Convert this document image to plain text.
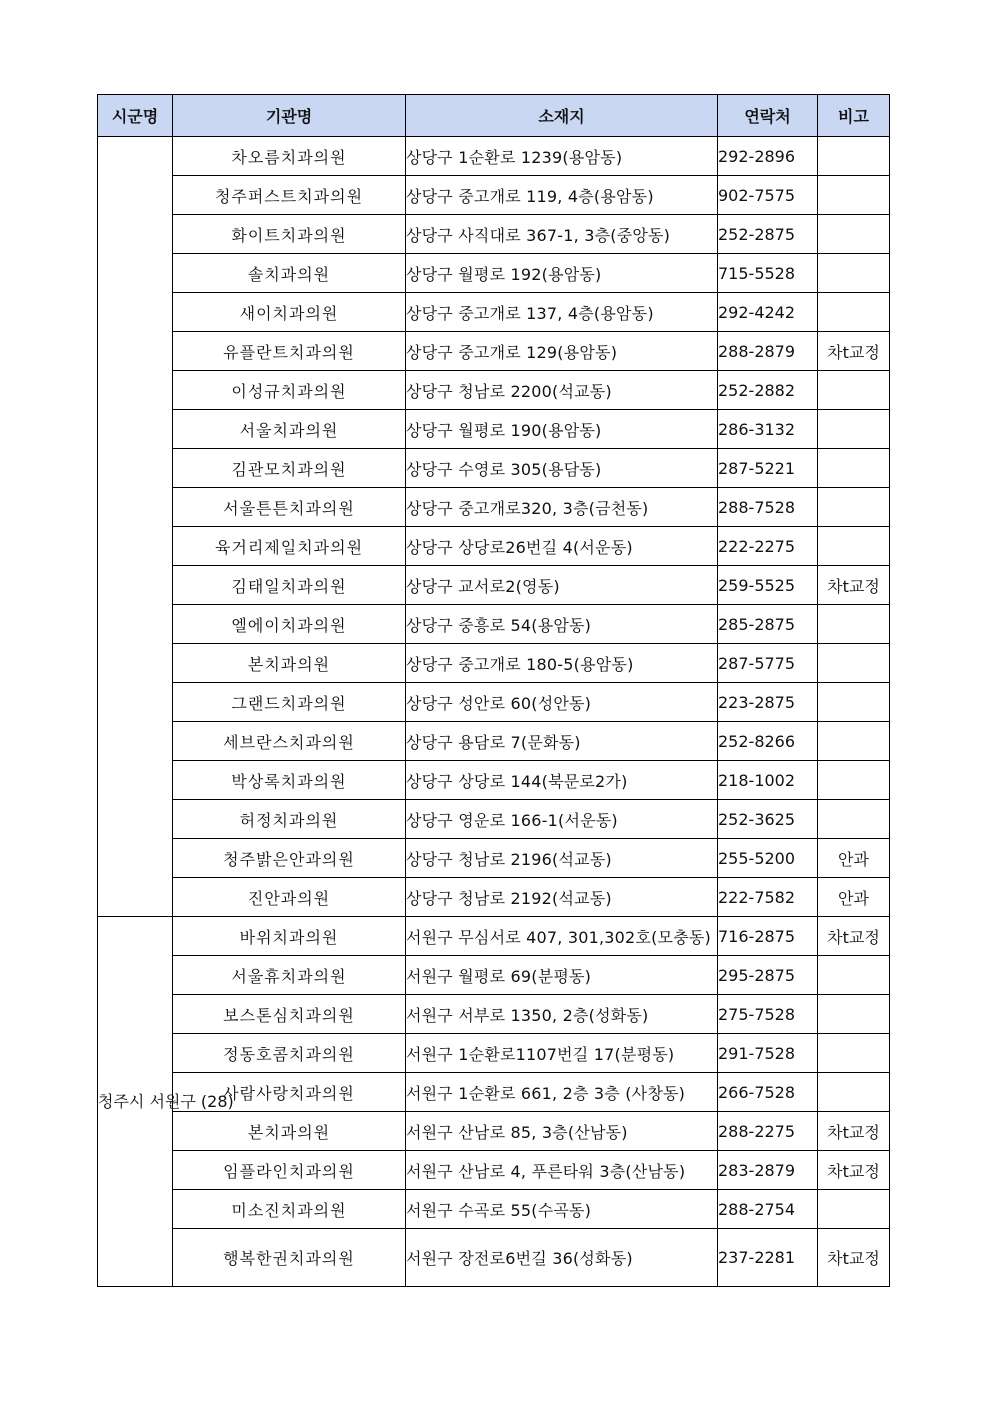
시군명	기관명	소재지	연락처	비고
	차오름치과의원	상당구 1순환로 1239(용암동)	292-2896	
	청주퍼스트치과의원	상당구 중고개로 119, 4층(용암동)	902-7575	
	화이트치과의원	상당구 사직대로 367-1, 3층(중앙동)	252-2875	
	솔치과의원	상당구 월평로 192(용암동)	715-5528	
	새이치과의원	상당구 중고개로 137, 4층(용암동)	292-4242	
	유플란트치과의원	상당구 중고개로 129(용암동)	288-2879	차t교정
	이성규치과의원	상당구 청남로 2200(석교동)	252-2882	
	서울치과의원	상당구 월평로 190(용암동)	286-3132	
	김관모치과의원	상당구 수영로 305(용담동)	287-5221	
	서울튼튼치과의원	상당구 중고개로320, 3층(금천동)	288-7528	
	육거리제일치과의원	상당구 상당로26번길 4(서운동)	222-2275	
	김태일치과의원	상당구 교서로2(영동)	259-5525	차t교정
	엘에이치과의원	상당구 중흥로 54(용암동)	285-2875	
	본치과의원	상당구 중고개로 180-5(용암동)	287-5775	
	그랜드치과의원	상당구 성안로 60(성안동)	223-2875	
	세브란스치과의원	상당구 용담로 7(문화동)	252-8266	
	박상록치과의원	상당구 상당로 144(북문로2가)	218-1002	
	허정치과의원	상당구 영운로 166-1(서운동)	252-3625	
	청주밝은안과의원	상당구 청남로 2196(석교동)	255-5200	안과
	진안과의원	상당구 청남로 2192(석교동)	222-7582	안과
청주시 서원구 (28)	바위치과의원	서원구 무심서로 407, 301,302호(모충동)	716-2875	차t교정
	서울휴치과의원	서원구 월평로 69(분평동)	295-2875	
	보스톤심치과의원	서원구 서부로 1350, 2층(성화동)	275-7528	
	정동호콤치과의원	서원구 1순환로1107번길 17(분평동)	291-7528	
	사람사랑치과의원	서원구 1순환로 661, 2층 3층 (사창동)	266-7528	
	본치과의원	서원구 산남로 85, 3층(산남동)	288-2275	차t교정
	임플라인치과의원	서원구 산남로 4, 푸른타워 3층(산남동)	283-2879	차t교정
	미소진치과의원	서원구 수곡로 55(수곡동)	288-2754	
	행복한권치과의원	서원구 장전로6번길 36(성화동)	237-2281	차t교정
